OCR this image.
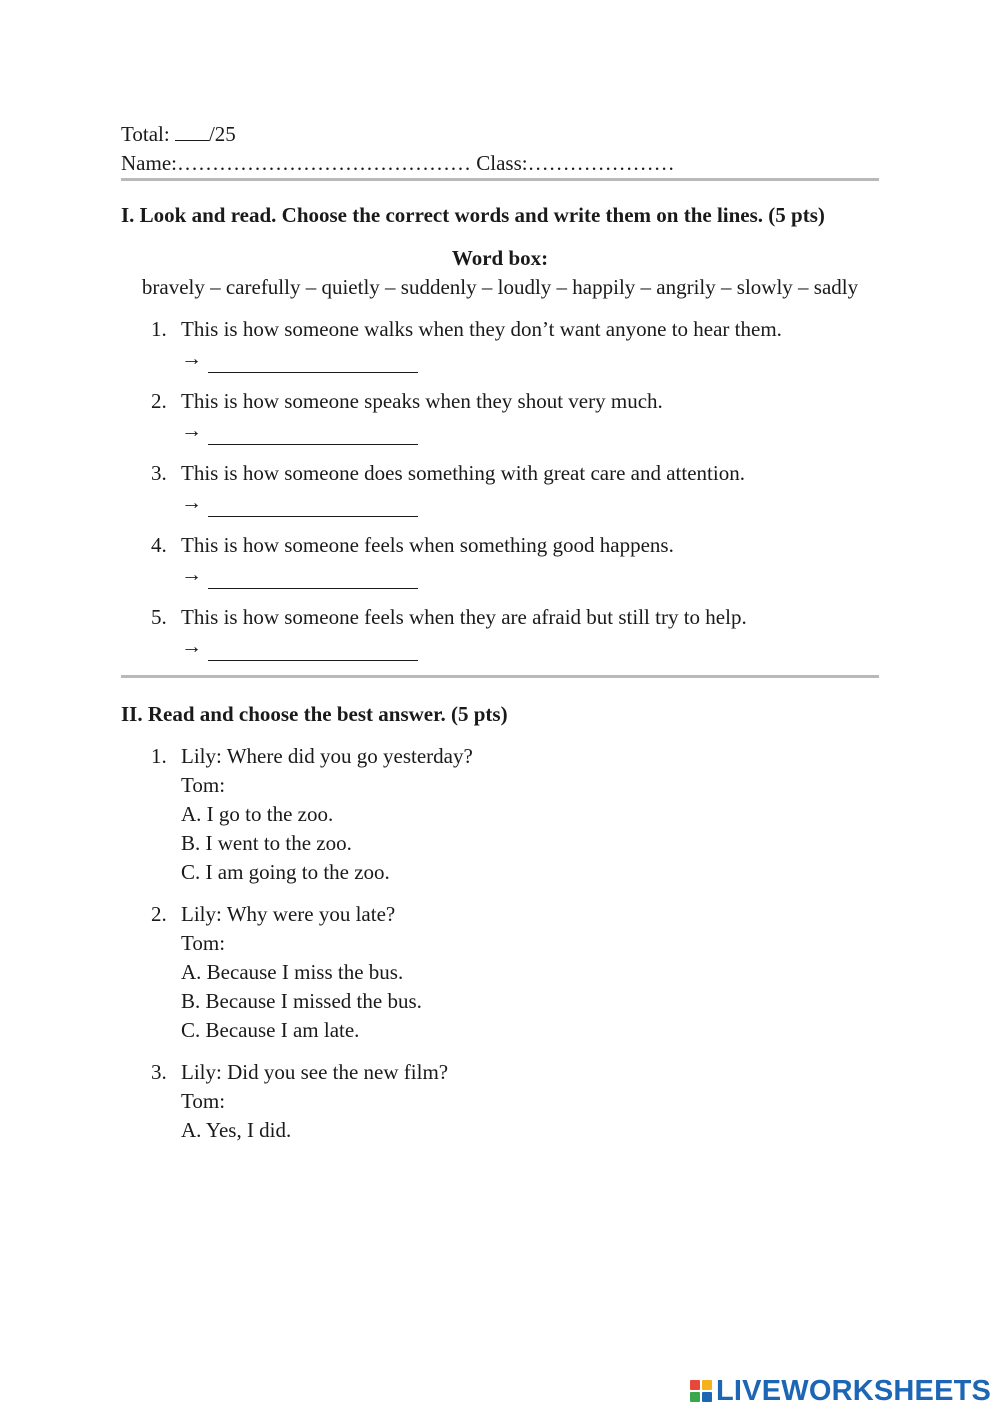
Total: /25
Name:…………………………………… Class:…………………
I. Look and read. Choose the correct words and write them on the lines. (5 pts)
Word box:
bravely – carefully – quietly – suddenly – loudly – happily – angrily – slowly – sadly
1. This is how someone walks when they don’t want anyone to hear them.
→
2. This is how someone speaks when they shout very much.
→
3. This is how someone does something with great care and attention.
→
4. This is how someone feels when something good happens.
→
5. This is how someone feels when they are afraid but still try to help.
→
II. Read and choose the best answer. (5 pts)
1. Lily: Where did you go yesterday?
Tom:
A. I go to the zoo.
B. I went to the zoo.
C. I am going to the zoo.
2. Lily: Why were you late?
Tom:
A. Because I miss the bus.
B. Because I missed the bus.
C. Because I am late.
3. Lily: Did you see the new film?
Tom:
A. Yes, I did.
LIVEWORKSHEETS
